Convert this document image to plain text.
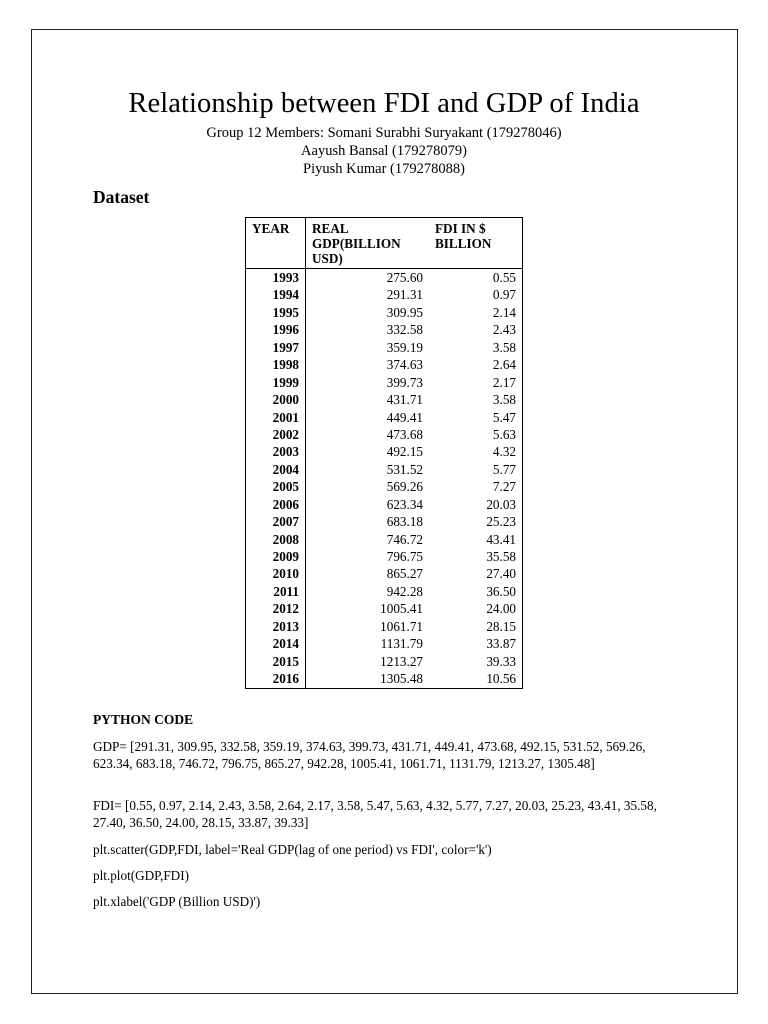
Relationship between FDI and GDP of India
Group 12 Members: Somani Surabhi Suryakant (179278046)
Aayush Bansal (179278079)
Piyush Kumar (179278088)
Dataset
YEAR	REAL GDP(BILLION USD)	FDI IN $ BILLION
1993	275.60	0.55
1994	291.31	0.97
1995	309.95	2.14
1996	332.58	2.43
1997	359.19	3.58
1998	374.63	2.64
1999	399.73	2.17
2000	431.71	3.58
2001	449.41	5.47
2002	473.68	5.63
2003	492.15	4.32
2004	531.52	5.77
2005	569.26	7.27
2006	623.34	20.03
2007	683.18	25.23
2008	746.72	43.41
2009	796.75	35.58
2010	865.27	27.40
2011	942.28	36.50
2012	1005.41	24.00
2013	1061.71	28.15
2014	1131.79	33.87
2015	1213.27	39.33
2016	1305.48	10.56
PYTHON CODE
GDP= [291.31, 309.95, 332.58, 359.19, 374.63, 399.73, 431.71, 449.41, 473.68, 492.15, 531.52, 569.26, 623.34, 683.18, 746.72, 796.75, 865.27, 942.28, 1005.41, 1061.71, 1131.79, 1213.27, 1305.48]
FDI= [0.55, 0.97, 2.14, 2.43, 3.58, 2.64, 2.17, 3.58, 5.47, 5.63, 4.32, 5.77, 7.27, 20.03, 25.23, 43.41, 35.58, 27.40, 36.50, 24.00, 28.15, 33.87, 39.33]
plt.scatter(GDP,FDI, label='Real GDP(lag of one period) vs FDI', color='k')
plt.plot(GDP,FDI)
plt.xlabel('GDP (Billion USD)')
